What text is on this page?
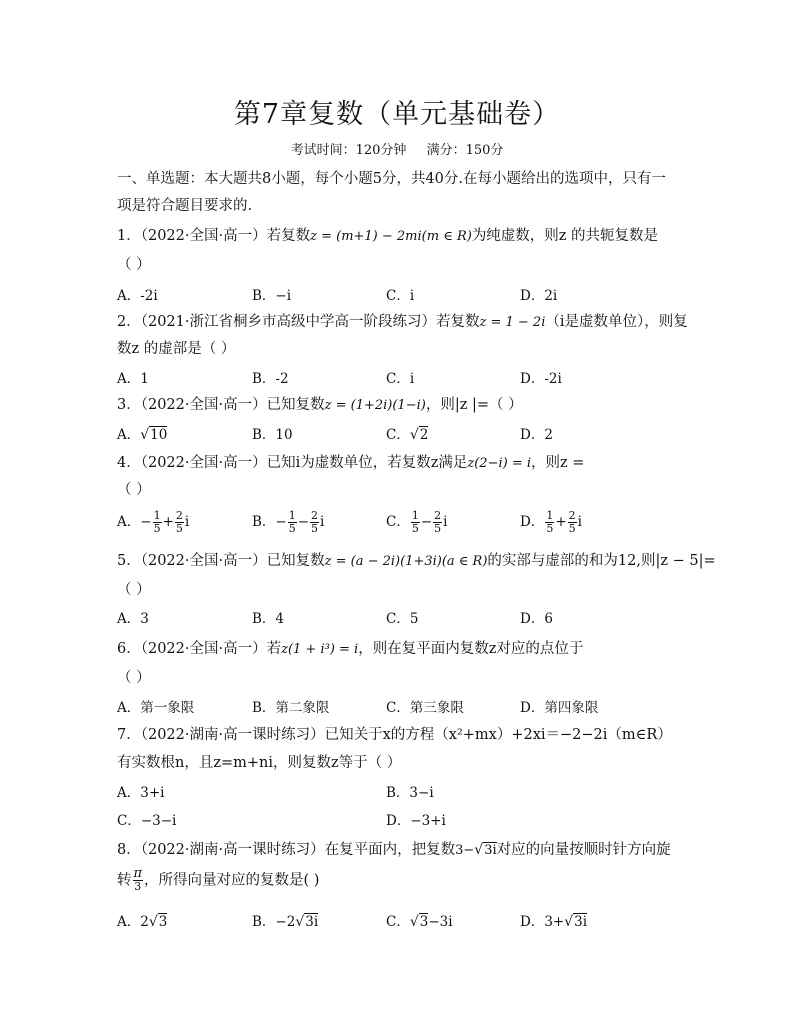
第7章复数（单元基础卷）
考试时间：120分钟 满分：150分
一、单选题：本大题共8小题，每个小题5分，共40分.在每小题给出的选项中，只有一
项是符合题目要求的.
1．（2022·全国·高一）若复数z = (m+1) − 2mi(m ∈ R)为纯虚数，则z 的共轭复数是
（ ）
A．-2i	B．−i	C．i	D．2i
2．（2021·浙江省桐乡市高级中学高一阶段练习）若复数z = 1 − 2i（i是虚数单位），则复
数z 的虚部是（ ）
A．1	B．-2	C．i	D．-2i
3．（2022·全国·高一）已知复数z = (1+2i)(1−i)，则|z |=（ ）
A．√10	B．10	C．√2	D．2
4．（2022·全国·高一）已知i为虚数单位，若复数z满足z(2−i) = i，则z =
（ ）
A．− $\frac{1}{5} + \frac{2}{5}$ i	B．− $\frac{1}{5} - \frac{2}{5}$ i	C． $\frac{1}{5} - \frac{2}{5}$ i	D． $\frac{1}{5} + \frac{2}{5}$ i
5．（2022·全国·高一）已知复数z = (a − 2i)(1+3i)(a ∈ R)的实部与虚部的和为12,则|z − 5|=
（ ）
A．3	B．4	C．5	D．6
6．（2022·全国·高一）若z(1 + i³) = i，则在复平面内复数z对应的点位于
（ ）
A．第一象限	B．第二象限	C．第三象限	D．第四象限
7．（2022·湖南·高一课时练习）已知关于x的方程（x²+mx）+2xi＝−2−2i（m∈R）
有实数根n，且z=m+ni，则复数z等于（ ）
A．3+i	B．3−i
C．−3−i	D．−3+i
8．（2022·湖南·高一课时练习）在复平面内，把复数3−√3i对应的向量按顺时针方向旋
转 $\frac{\pi}{3}$ ，所得向量对应的复数是( )
A．2√3	B．−2√3i	C．√3−3i	D．3+√3i
